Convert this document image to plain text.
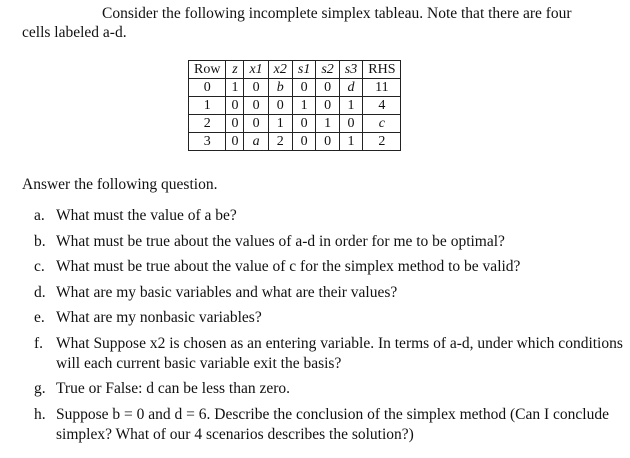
Consider the following incomplete simplex tableau. Note that there are four
cells labeled a-d.
Row	z	x1	x2	s1	s2	s3	RHS
0	1	0	b	0	0	d	11
1	0	0	0	1	0	1	4
2	0	0	1	0	1	0	c
3	0	a	2	0	0	1	2
Answer the following question.
a. What must the value of a be?
b. What must be true about the values of a-d in order for me to be optimal?
c. What must be true about the value of c for the simplex method to be valid?
d. What are my basic variables and what are their values?
e. What are my nonbasic variables?
f. What Suppose x2 is chosen as an entering variable. In terms of a-d, under which conditions will each current basic variable exit the basis?
g. True or False: d can be less than zero.
h. Suppose b = 0 and d = 6. Describe the conclusion of the simplex method (Can I conclude simplex? What of our 4 scenarios describes the solution?)
